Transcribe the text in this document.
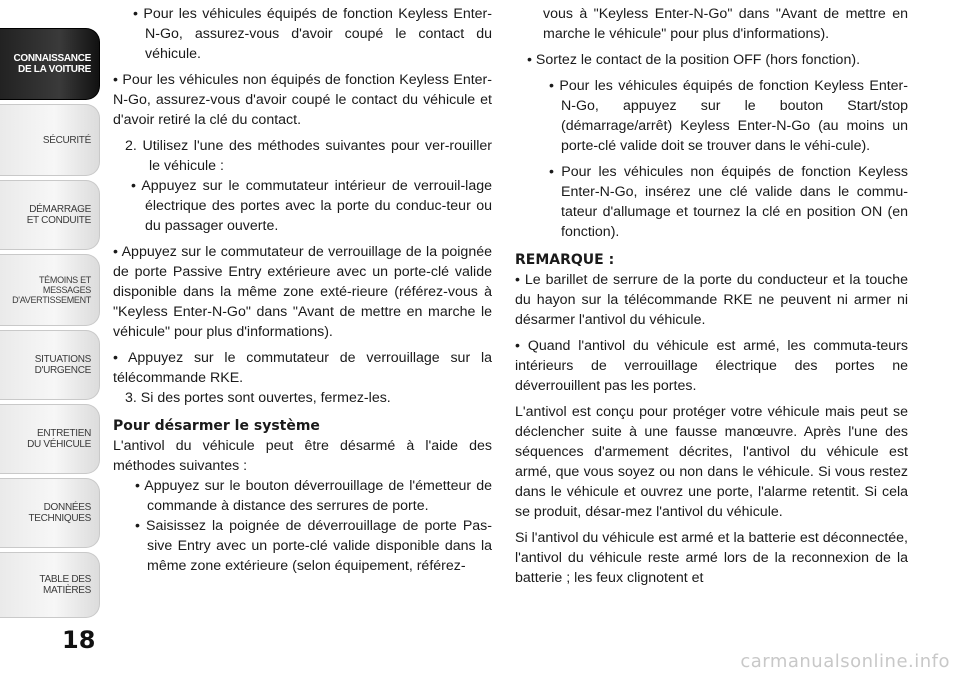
CONNAISSANCE
DE LA VOITURE
SÉCURITÉ
DÉMARRAGE
ET CONDUITE
TÉMOINS ET
MESSAGES
D'AVERTISSEMENT
SITUATIONS
D'URGENCE
ENTRETIEN
DU VÉHICULE
DONNÉES
TECHNIQUES
TABLE DES
MATIÈRES
18

• Pour les véhicules équipés de fonction Keyless Enter-N-Go, assurez-vous d'avoir coupé le contact du véhicule.

• Pour les véhicules non équipés de fonction Keyless Enter-N-Go, assurez-vous d'avoir coupé le contact du véhicule et d'avoir retiré la clé du contact.

2. Utilisez l'une des méthodes suivantes pour ver-rouiller le véhicule :

• Appuyez sur le commutateur intérieur de verrouil-lage électrique des portes avec la porte du conduc-teur ou du passager ouverte.

• Appuyez sur le commutateur de verrouillage de la poignée de porte Passive Entry extérieure avec un porte-clé valide disponible dans la même zone exté-rieure (référez-vous à "Keyless Enter-N-Go" dans "Avant de mettre en marche le véhicule" pour plus d'informations).

• Appuyez sur le commutateur de verrouillage sur la télécommande RKE.

3. Si des portes sont ouvertes, fermez-les.

Pour désarmer le système

L'antivol du véhicule peut être désarmé à l'aide des méthodes suivantes :

• Appuyez sur le bouton déverrouillage de l'émetteur de commande à distance des serrures de porte.

• Saisissez la poignée de déverrouillage de porte Pas-sive Entry avec un porte-clé valide disponible dans la même zone extérieure (selon équipement, référez-

vous à "Keyless Enter-N-Go" dans "Avant de mettre en marche le véhicule" pour plus d'informations).

• Sortez le contact de la position OFF (hors fonction).

• Pour les véhicules équipés de fonction Keyless Enter-N-Go, appuyez sur le bouton Start/stop (démarrage/arrêt) Keyless Enter-N-Go (au moins un porte-clé valide doit se trouver dans le véhi-cule).

• Pour les véhicules non équipés de fonction Keyless Enter-N-Go, insérez une clé valide dans le commu-tateur d'allumage et tournez la clé en position ON (en fonction).

REMARQUE :

• Le barillet de serrure de la porte du conducteur et la touche du hayon sur la télécommande RKE ne peuvent ni armer ni désarmer l'antivol du véhicule.

• Quand l'antivol du véhicule est armé, les commuta-teurs intérieurs de verrouillage électrique des portes ne déverrouillent pas les portes.

L'antivol est conçu pour protéger votre véhicule mais peut se déclencher suite à une fausse manœuvre. Après l'une des séquences d'armement décrites, l'antivol du véhicule est armé, que vous soyez ou non dans le véhicule. Si vous restez dans le véhicule et ouvrez une porte, l'alarme retentit. Si cela se produit, désar-mez l'antivol du véhicule.

Si l'antivol du véhicule est armé et la batterie est déconnectée, l'antivol du véhicule reste armé lors de la reconnexion de la batterie ; les feux clignotent et

carmanualsonline.info
